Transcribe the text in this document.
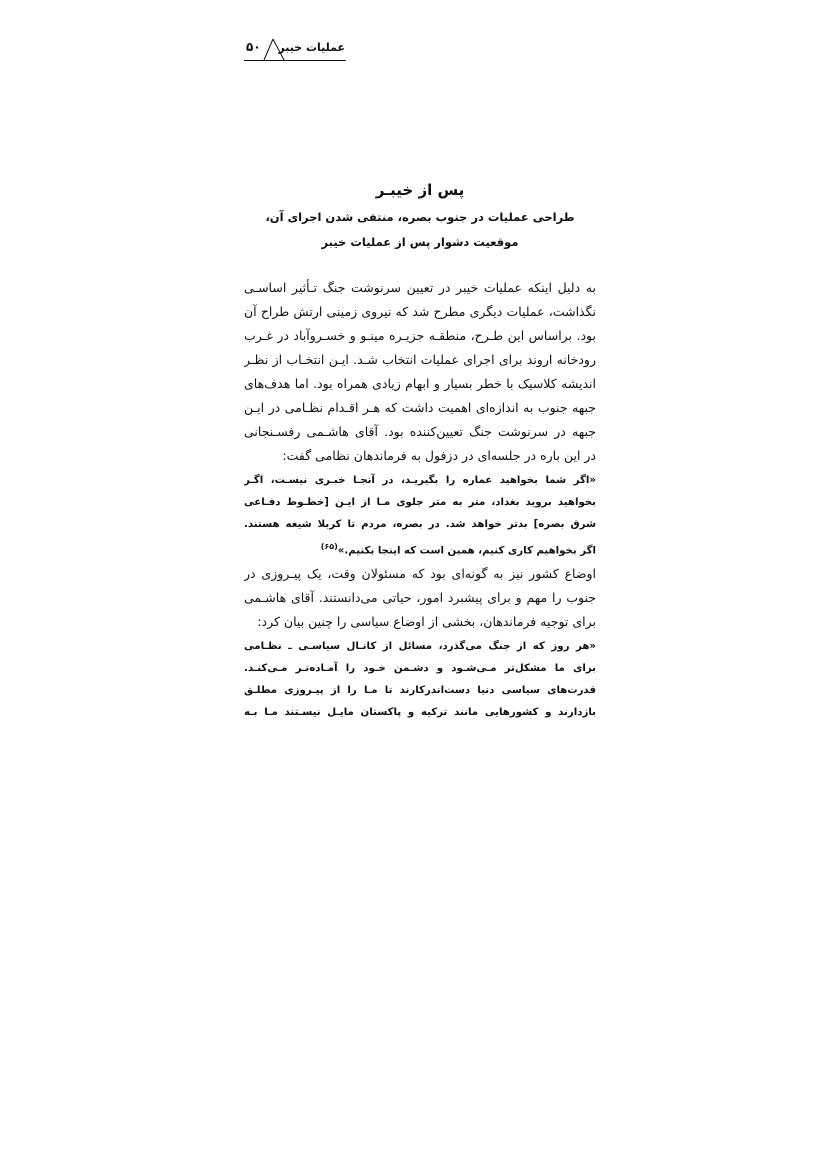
۵۰ عملیات خیبر
پس از خیبـر
طراحی عملیات در جنوب بصره، منتفی شدن اجرای آن،
موقعیت دشوار پس از عملیات خیبر
به دلیل اینکه عملیات خیبر در تعیین سرنوشت جنگ تـأثیر اساسـی
نگذاشت، عملیات دیگری مطرح شد که نیروی زمینی ارتش طراح آن
بود. براساس این طـرح، منطقـه جزیـره مینـو و خسـروآباد در غـرب
رودخانه اروند برای اجرای عملیات انتخاب شـد. ایـن انتخـاب از نظـر
اندیشه کلاسیک با خطر بسیار و ابهام زیادی همراه بود. اما هدف‌های
جبهه جنوب به اندازه‌ای اهمیت داشت که هـر اقـدام نظـامی در ایـن
جبهه در سرنوشت جنگ تعیین‌کننده بود. آقای هاشـمی رفسـنجانی
در این باره در جلسه‌ای در دزفول به فرماندهان نظامی گفت:
«اگر شما بخواهید عماره را بگیریـد، در آنجـا خبـری نیسـت، اگـر
بخواهید بروید بغداد، متر به متر جلوی مـا از ایـن [خطـوط دفـاعی
شرق بصره] بدتر خواهد شد. در بصره، مردم تا کربلا شیعه هستند.
اگر بخواهیم کاری کنیم، همین است که اینجا بکنیم.»$^{(۶۵)}$
اوضاع کشور نیز به گونه‌ای بود که مسئولان وقت، یک پیـروزی در
جنوب را مهم و برای پیشبرد امور، حیاتی می‌دانستند. آقای هاشـمی
برای توجیه فرماندهان، بخشی از اوضاع سیاسی را چنین بیان کرد:
«هر روز که از جنگ می‌گذرد، مسائل از کانـال سیاسـی ـ نظـامی
برای ما مشکل‌تر مـی‌شـود و دشـمن خـود را آمـاده‌تـر مـی‌کنـد.
قدرت‌های سیاسی دنیا دست‌اندرکارند تا مـا را از پیـروزی مطلـق
بازدارند و کشورهایی مانند ترکیه و پاکستان مایـل نیسـتند مـا بـه
